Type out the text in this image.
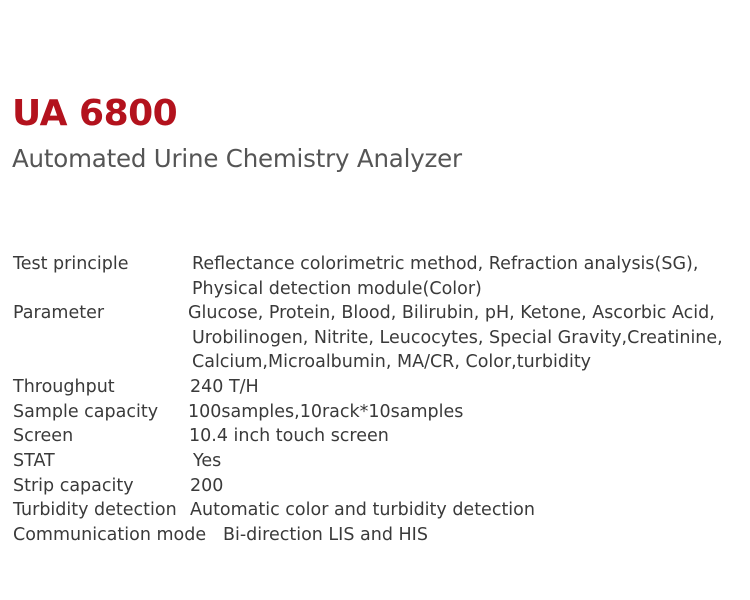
UA 6800
Automated Urine Chemistry Analyzer
Test principle	Reflectance colorimetric method, Refraction analysis(SG),
Physical detection module(Color)
Parameter	Glucose, Protein, Blood, Bilirubin, pH, Ketone, Ascorbic Acid,
Urobilinogen, Nitrite, Leucocytes, Special Gravity,Creatinine,
Calcium,Microalbumin, MA/CR, Color,turbidity
Throughput	240 T/H
Sample capacity 100samples,10rack*10samples
Screen	10.4 inch touch screen
STAT	Yes
Strip capacity	200
Turbidity detection Automatic color and turbidity detection
Communication mode Bi-direction LIS and HIS
